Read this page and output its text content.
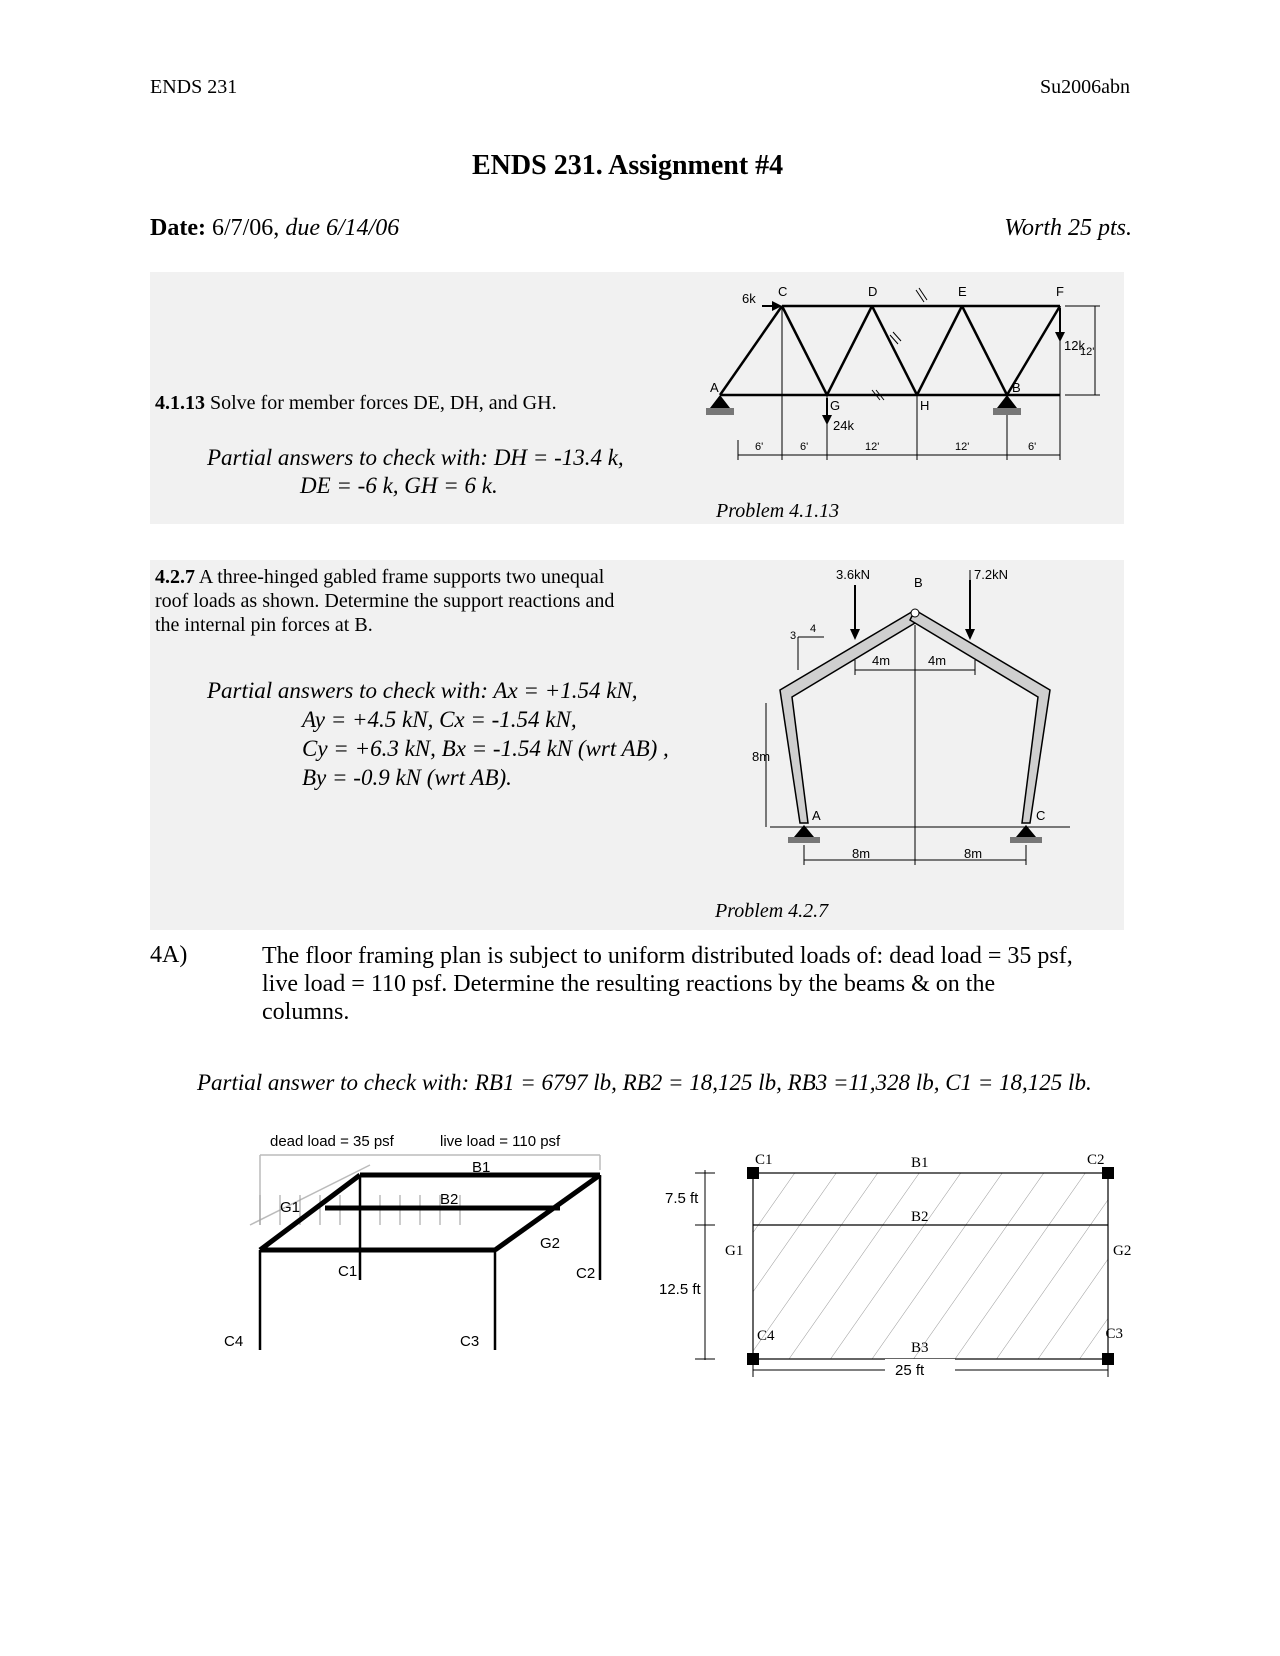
ENDS 231	Su2006abn
ENDS 231. Assignment #4
Date: 6/7/06, due 6/14/06	Worth 25 pts.
4.1.13 Solve for member forces DE, DH, and GH.
Partial answers to check with: DH = -13.4 k,
DE = -6 k, GH = 6 k.
Problem 4.1.13
C	D	E	F
A	B
G	H
6k
12k
24k
12'
6'	6'	12'	12'	6'
4.2.7 A three-hinged gabled frame supports two unequal
roof loads as shown. Determine the support reactions and
the internal pin forces at B.
Partial answers to check with: Ax = +1.54 kN,
Ay = +4.5 kN, Cx = -1.54 kN,
Cy = +6.3 kN, Bx = -1.54 kN (wrt AB) ,
By = -0.9 kN (wrt AB).
Problem 4.2.7
3.6kN	7.2kN
B
A	C
3
4
8m
4m	4m
8m	8m
4A)	The floor framing plan is subject to uniform distributed loads of: dead load = 35 psf,
live load = 110 psf. Determine the resulting reactions by the beams & on the
columns.
Partial answer to check with: RB1 = 6797 lb, RB2 = 18,125 lb, RB3 =11,328 lb, C1 = 18,125 lb.
dead load = 35 psf	live load = 110 psf
B1
B2
G1
G2
C1	C2
C3
C4
C1	C2
C3
C4
B1
B2
B3
G1	G2
7.5 ft
12.5 ft
25 ft
